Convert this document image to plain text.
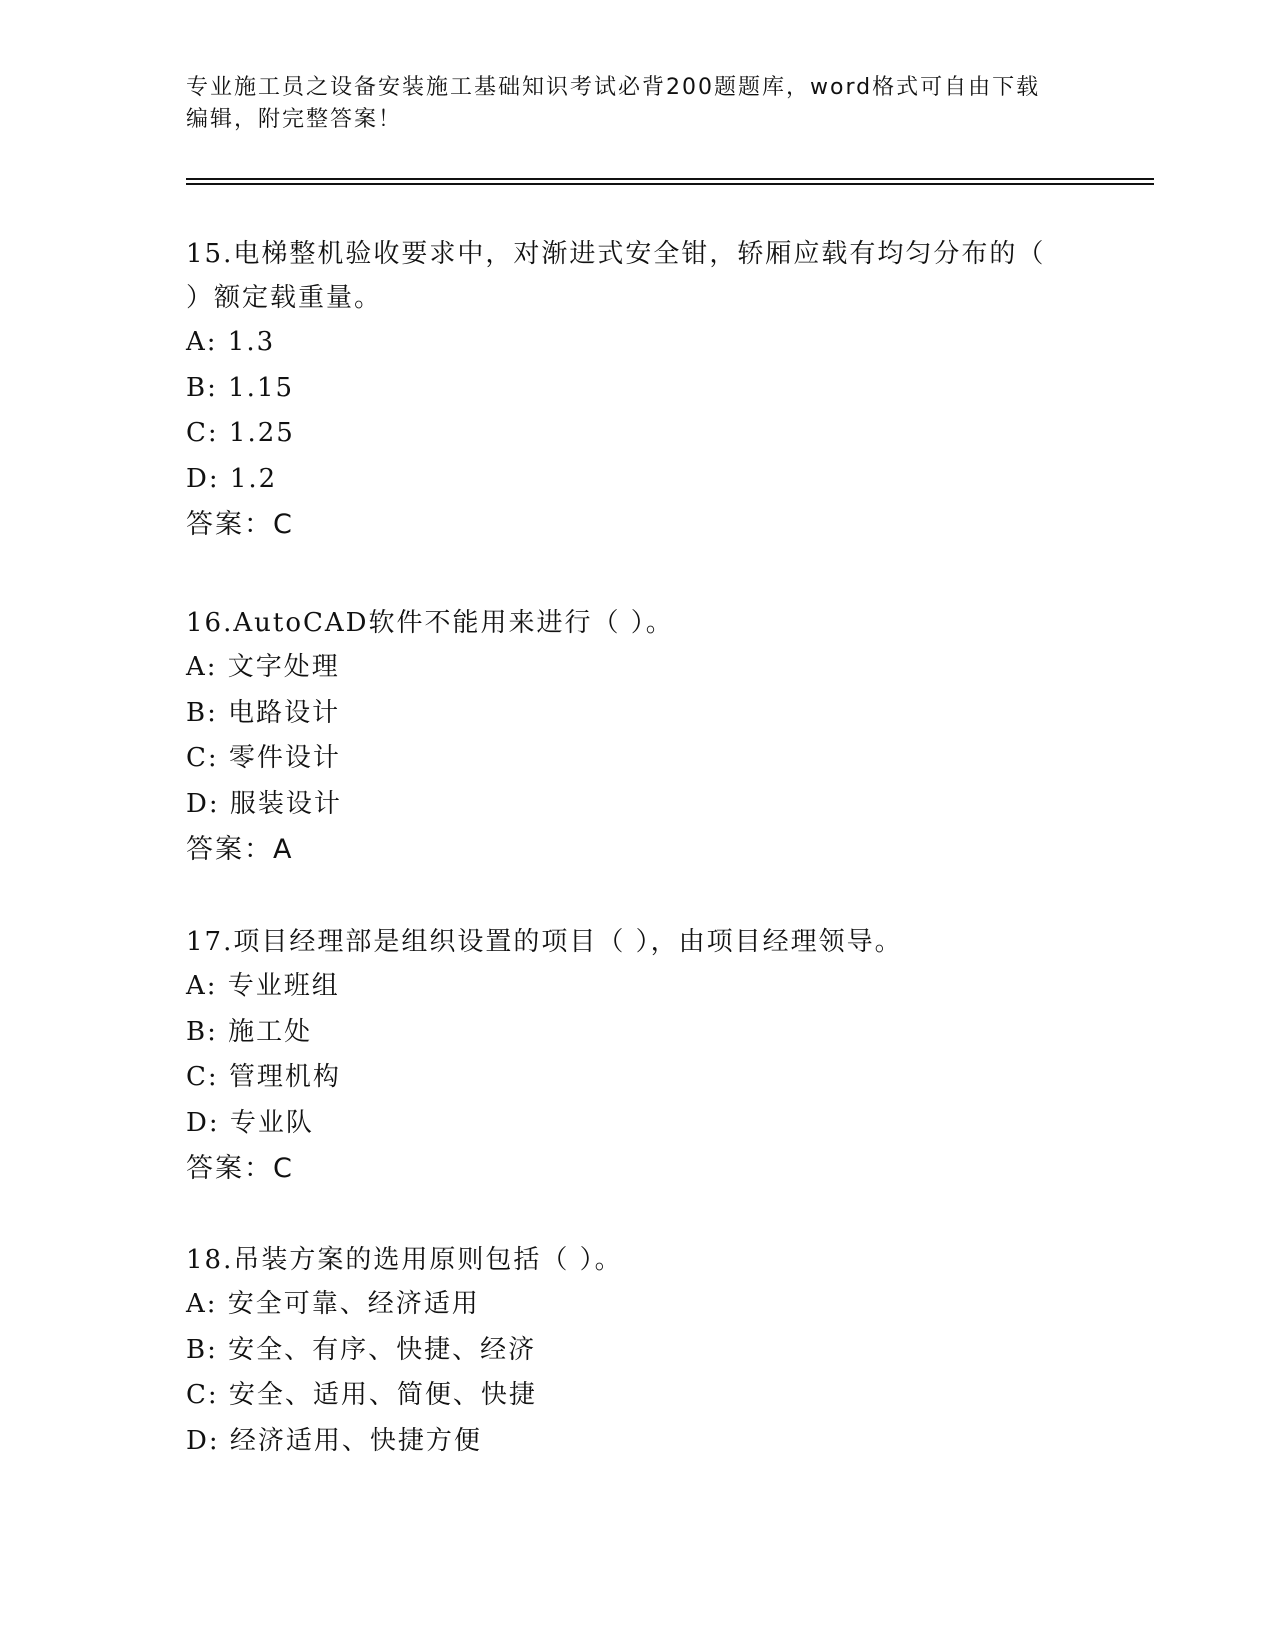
专业施工员之设备安装施工基础知识考试必背200题题库，word格式可自由下载
编辑，附完整答案！
15.电梯整机验收要求中，对渐进式安全钳，轿厢应载有均匀分布的（
）额定载重量。
A: 1.3
B: 1.15
C: 1.25
D: 1.2
答案：C
16.AutoCAD软件不能用来进行（ ）。
A: 文字处理
B: 电路设计
C: 零件设计
D: 服装设计
答案：A
17.项目经理部是组织设置的项目（ ），由项目经理领导。
A: 专业班组
B: 施工处
C: 管理机构
D: 专业队
答案：C
18.吊装方案的选用原则包括（ ）。
A: 安全可靠、经济适用
B: 安全、有序、快捷、经济
C: 安全、适用、简便、快捷
D: 经济适用、快捷方便
